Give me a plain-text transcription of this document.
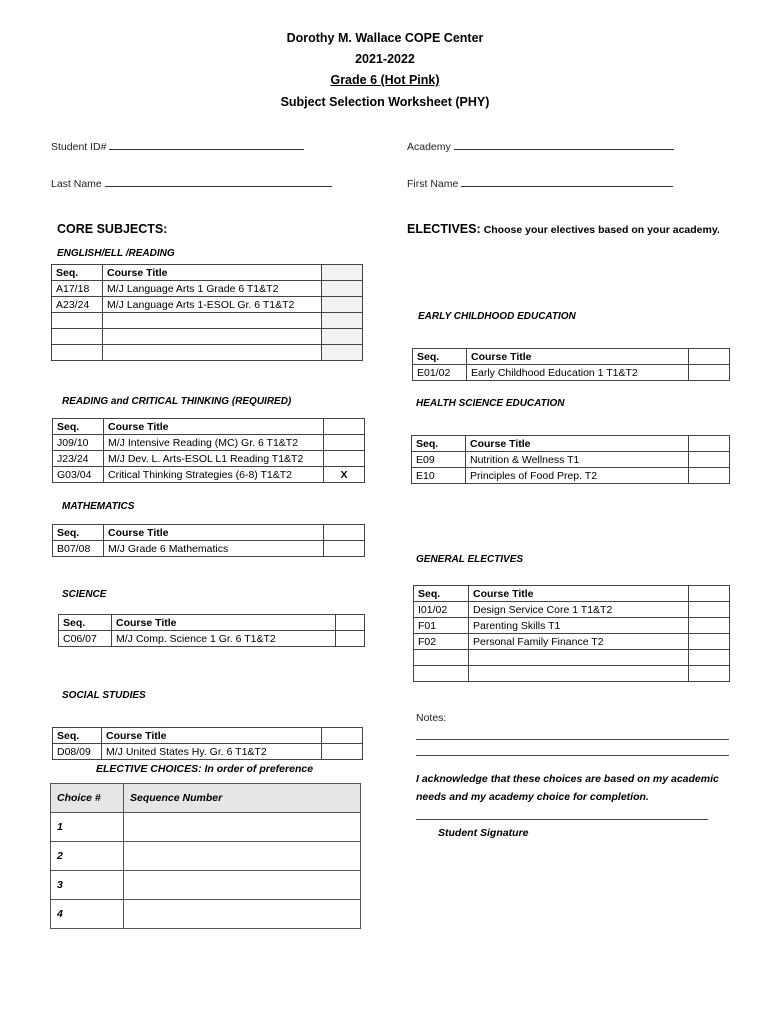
Dorothy M. Wallace COPE Center
2021-2022
Grade 6 (Hot Pink)
Subject Selection Worksheet (PHY)
Student ID#	Academy
Last Name	First Name
CORE SUBJECTS:	ELECTIVES: Choose your electives based on your academy.
ENGLISH/ELL /READING
Seq.	Course Title	
A17/18	M/J Language Arts 1 Grade 6 T1&T2	
A23/24	M/J Language Arts 1-ESOL Gr. 6 T1&T2	

READING and CRITICAL THINKING (REQUIRED)
Seq.	Course Title	
J09/10	M/J Intensive Reading (MC) Gr. 6 T1&T2	
J23/24	M/J Dev. L. Arts-ESOL L1 Reading T1&T2	
G03/04	Critical Thinking Strategies (6-8) T1&T2	X
MATHEMATICS
Seq.	Course Title	
B07/08	M/J Grade 6 Mathematics	
SCIENCE
Seq.	Course Title	
C06/07	M/J Comp. Science 1 Gr. 6 T1&T2	
SOCIAL STUDIES
Seq.	Course Title	
D08/09	M/J United States Hy. Gr. 6 T1&T2	
ELECTIVE CHOICES: In order of preference
Choice #	Sequence Number
1	
2	
3	
4	
EARLY CHILDHOOD EDUCATION
Seq.	Course Title	
E01/02	Early Childhood Education 1 T1&T2	
HEALTH SCIENCE EDUCATION
Seq.	Course Title	
E09	Nutrition & Wellness T1	
E10	Principles of Food Prep. T2	
GENERAL ELECTIVES
Seq.	Course Title	
I01/02	Design Service Core 1 T1&T2	
F01	Parenting Skills T1	
F02	Personal Family Finance T2	

Notes:
I acknowledge that these choices are based on my academic
needs and my academy choice for completion.
Student Signature
